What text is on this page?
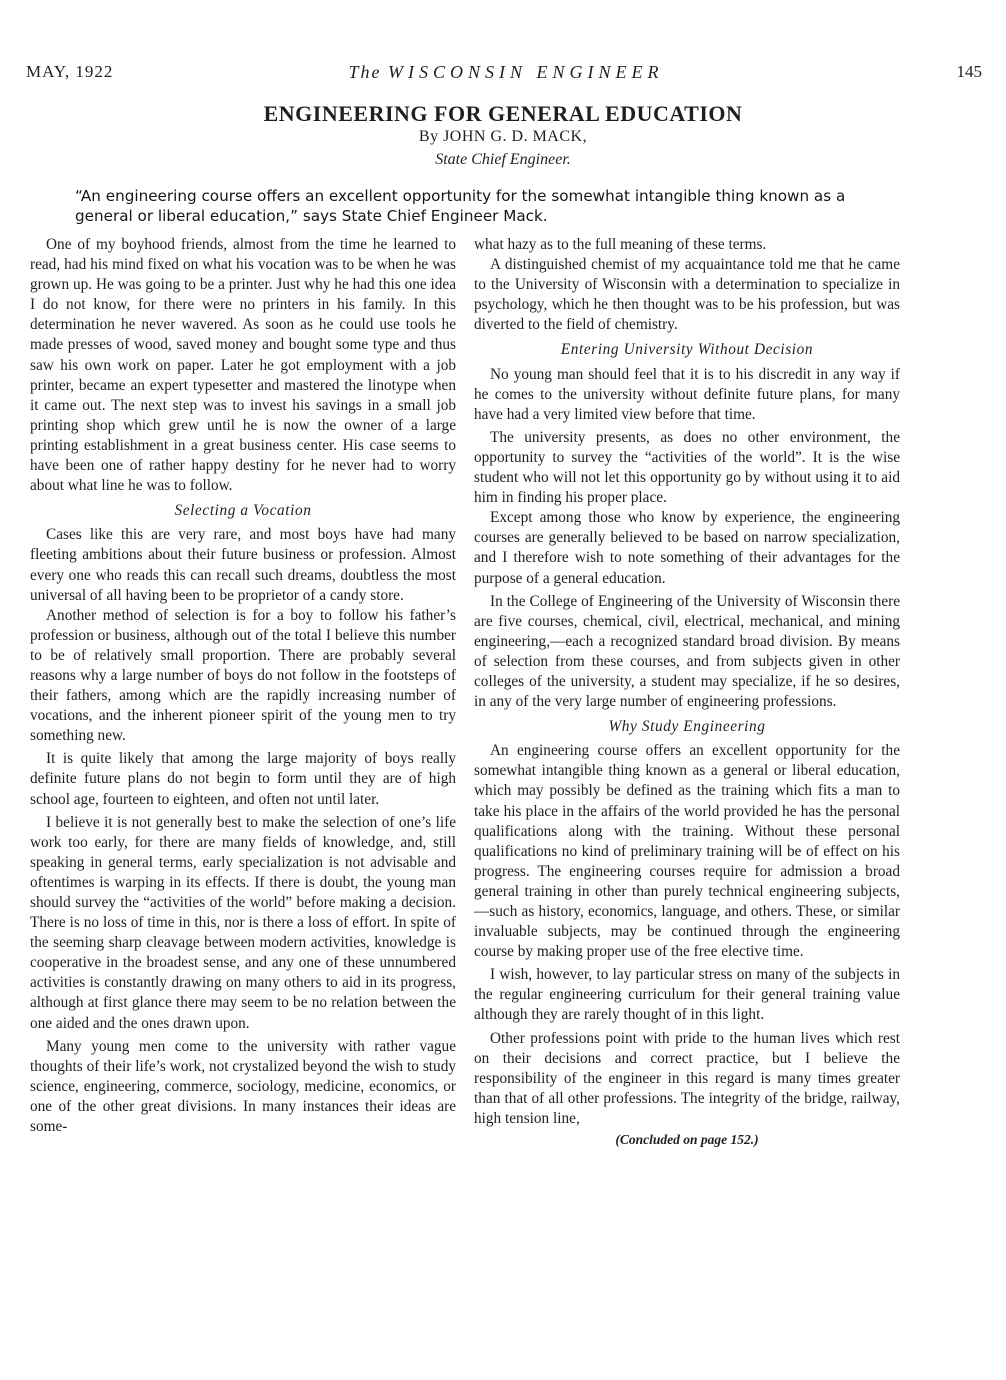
MAY, 1922	The WISCONSIN ENGINEER	145
ENGINEERING FOR GENERAL EDUCATION
By JOHN G. D. MACK,
State Chief Engineer.
“An engineering course offers an excellent opportunity for the somewhat intangible thing known as a general or liberal education,” says State Chief Engineer Mack.

One of my boyhood friends, almost from the time he learned to read, had his mind fixed on what his vocation was to be when he was grown up. He was going to be a printer. Just why he had this one idea I do not know, for there were no printers in his family. In this determination he never wavered. As soon as he could use tools he made presses of wood, saved money and bought some type and thus saw his own work on paper. Later he got employment with a job printer, became an expert typesetter and mastered the linotype when it came out. The next step was to invest his savings in a small job printing shop which grew until he is now the owner of a large printing establishment in a great business center. His case seems to have been one of rather happy destiny for he never had to worry about what line he was to follow.

Selecting a Vocation

Cases like this are very rare, and most boys have had many fleeting ambitions about their future business or profession. Almost every one who reads this can recall such dreams, doubtless the most universal of all having been to be proprietor of a candy store.

Another method of selection is for a boy to follow his father’s profession or business, although out of the total I believe this number to be of relatively small proportion. There are probably several reasons why a large number of boys do not follow in the footsteps of their fathers, among which are the rapidly increasing number of vocations, and the inherent pioneer spirit of the young men to try something new.

It is quite likely that among the large majority of boys really definite future plans do not begin to form until they are of high school age, fourteen to eighteen, and often not until later.

I believe it is not generally best to make the selection of one’s life work too early, for there are many fields of knowledge, and, still speaking in general terms, early specialization is not advisable and oftentimes is warping in its effects. If there is doubt, the young man should survey the “activities of the world” before making a decision. There is no loss of time in this, nor is there a loss of effort. In spite of the seeming sharp cleavage between modern activities, knowledge is cooperative in the broadest sense, and any one of these unnumbered activities is constantly drawing on many others to aid in its progress, although at first glance there may seem to be no relation between the one aided and the ones drawn upon.

Many young men come to the university with rather vague thoughts of their life’s work, not crystalized beyond the wish to study science, engineering, commerce, sociology, medicine, economics, or one of the other great divisions. In many instances their ideas are some-

what hazy as to the full meaning of these terms.

A distinguished chemist of my acquaintance told me that he came to the University of Wisconsin with a determination to specialize in psychology, which he then thought was to be his profession, but was diverted to the field of chemistry.

Entering University Without Decision

No young man should feel that it is to his discredit in any way if he comes to the university without definite future plans, for many have had a very limited view before that time.

The university presents, as does no other environment, the opportunity to survey the “activities of the world”. It is the wise student who will not let this opportunity go by without using it to aid him in finding his proper place.

Except among those who know by experience, the engineering courses are generally believed to be based on narrow specialization, and I therefore wish to note something of their advantages for the purpose of a general education.

In the College of Engineering of the University of Wisconsin there are five courses, chemical, civil, electrical, mechanical, and mining engineering,—each a recognized standard broad division. By means of selection from these courses, and from subjects given in other colleges of the university, a student may specialize, if he so desires, in any of the very large number of engineering professions.

Why Study Engineering

An engineering course offers an excellent opportunity for the somewhat intangible thing known as a general or liberal education, which may possibly be defined as the training which fits a man to take his place in the affairs of the world provided he has the personal qualifications along with the training. Without these personal qualifications no kind of preliminary training will be of effect on his progress. The engineering courses require for admission a broad general training in other than purely technical engineering subjects,—such as history, economics, language, and others. These, or similar invaluable subjects, may be continued through the engineering course by making proper use of the free elective time.

I wish, however, to lay particular stress on many of the subjects in the regular engineering curriculum for their general training value although they are rarely thought of in this light.

Other professions point with pride to the human lives which rest on their decisions and correct practice, but I believe the responsibility of the engineer in this regard is many times greater than that of all other professions. The integrity of the bridge, railway, high tension line,

(Concluded on page 152.)
